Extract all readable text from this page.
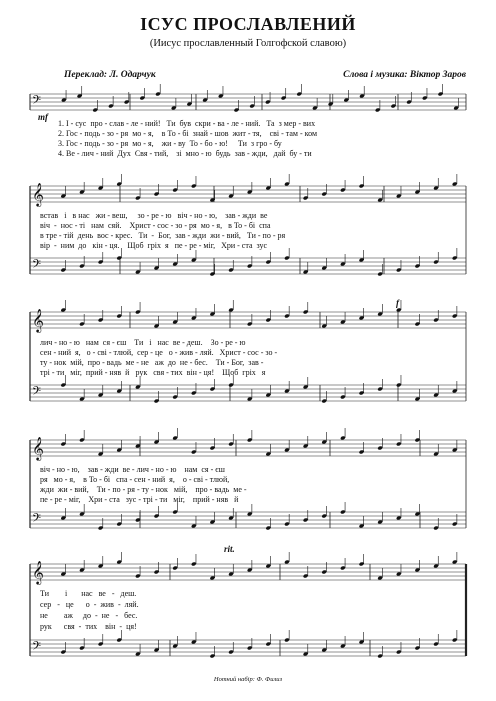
ІСУС ПРОСЛАВЛЕНИЙ
(Иисус прославленный Голгофской славою)
Переклад: Л. Одарчук	Слова і музика: Віктор Заров
mf
f
rit.
𝄢
𝄞
𝄢
𝄞
𝄢
𝄞
𝄢
𝄞
𝄢
1. І - сус  про - слав - ле - ний!   Ти  був  скри - ва - ле - ний.   Та  з мер - вих
2. Гос - подь - зо - ря  мо - я,    в То - бі  знай - шов  жит - тя,    сві - там - ком
3. Гос - подь - зо - ря  мо - я,    жи - ву  То - бо - ю!     Ти  з гро - бу
4. Ве - лич - ний  Дух  Свя - тий,    зі  мно - ю  будь  зав - жди,   дай  бу - ти
встав   і   в нас   жи - веш,     зо - ре - ю   віч - но - ю,    зав - жди  ве
віч  -  нос - ті   нам  сяй.    Христ - сос - зо - ря  мо - я,   в То - бі  спа
в тре - тій  день  вос - крес.   Ти  -  Бог,  зав - жди  жи - вий,   Ти - по - ря
вір  -  ним  до   кін - ця.    Щоб  гріх  я   пе - ре - міг,   Хри - ста  зус
лич - но - ю   нам  ся - єш    Ти   і   нас  ве - деш.    Зо - ре - ю
сен - ний  я,   о - сві - тлюй,  сер - це   о - жив - ляй.   Христ - сос - зо -
ту - нок  мій,  про - вадь  ме - не   аж  до  не - бес.    Ти - Бог,  зав -
трі - ти   міг,  прий - няв  й   рук   свя - тих  він - ця!    Щоб  гріх   я
віч - но - ю,    зав - жди  ве - лич - но - ю    нам  ся - єш
ря   мо - я,    в То - бі   спа - сен - ний  я,    о - сві - тлюй,
жди  жи - вий,    Ти - по - ря - ту - нок   мій,    про - вадь  ме -
пе - ре - міг,    Хри - ста   зус - трі - ти   міг,    прий - няв   й
Ти        і       нас   ве   -   деш.
сер   -   це      о  -  жив  -  ляй.
не        аж     до  -  не   -   бес.
рук      свя  -  тих    він  -  ця!
Нотний набір: Ф. Филиз
